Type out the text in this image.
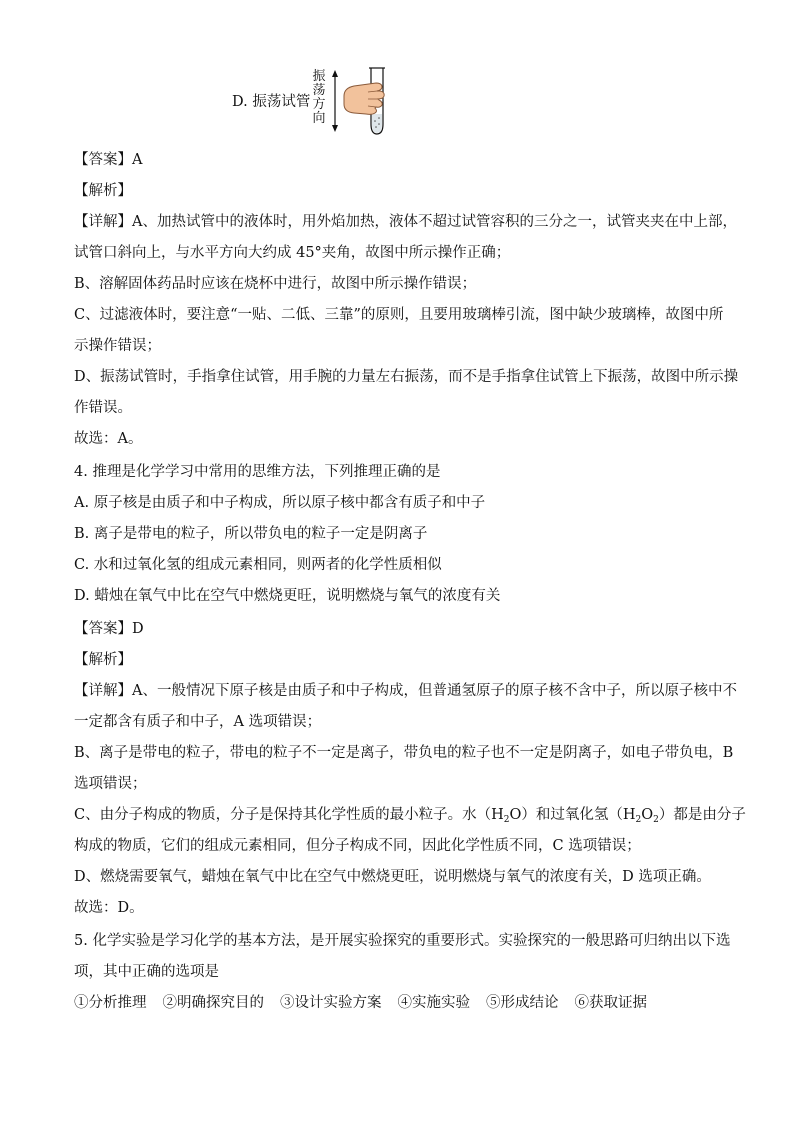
D. 振荡试管
振
荡
方
向
【答案】A
【解析】
【详解】A、加热试管中的液体时，用外焰加热，液体不超过试管容积的三分之一，试管夹夹在中上部，
试管口斜向上，与水平方向大约成 45°夹角，故图中所示操作正确；
B、溶解固体药品时应该在烧杯中进行，故图中所示操作错误；
C、过滤液体时，要注意“一贴、二低、三靠”的原则，且要用玻璃棒引流，图中缺少玻璃棒，故图中所
示操作错误；
D、振荡试管时，手指拿住试管，用手腕的力量左右振荡，而不是手指拿住试管上下振荡，故图中所示操
作错误。
故选：A。
4. 推理是化学学习中常用的思维方法，下列推理正确的是
A. 原子核是由质子和中子构成，所以原子核中都含有质子和中子
B. 离子是带电的粒子，所以带负电的粒子一定是阴离子
C. 水和过氧化氢的组成元素相同，则两者的化学性质相似
D. 蜡烛在氧气中比在空气中燃烧更旺，说明燃烧与氧气的浓度有关
【答案】D
【解析】
【详解】A、一般情况下原子核是由质子和中子构成，但普通氢原子的原子核不含中子，所以原子核中不
一定都含有质子和中子，A 选项错误；
B、离子是带电的粒子，带电的粒子不一定是离子，带负电的粒子也不一定是阴离子，如电子带负电，B
选项错误；
C、由分子构成的物质，分子是保持其化学性质的最小粒子。水$(H_2O)$和过氧化氢$(H_2O_2)$都是由分子
构成的物质，它们的组成元素相同，但分子构成不同，因此化学性质不同，C 选项错误；
D、燃烧需要氧气，蜡烛在氧气中比在空气中燃烧更旺，说明燃烧与氧气的浓度有关，D 选项正确。
故选：D。
5. 化学实验是学习化学的基本方法，是开展实验探究的重要形式。实验探究的一般思路可归纳出以下选
项，其中正确的选项是
①分析推理 ②明确探究目的 ③设计实验方案 ④实施实验 ⑤形成结论 ⑥获取证据
